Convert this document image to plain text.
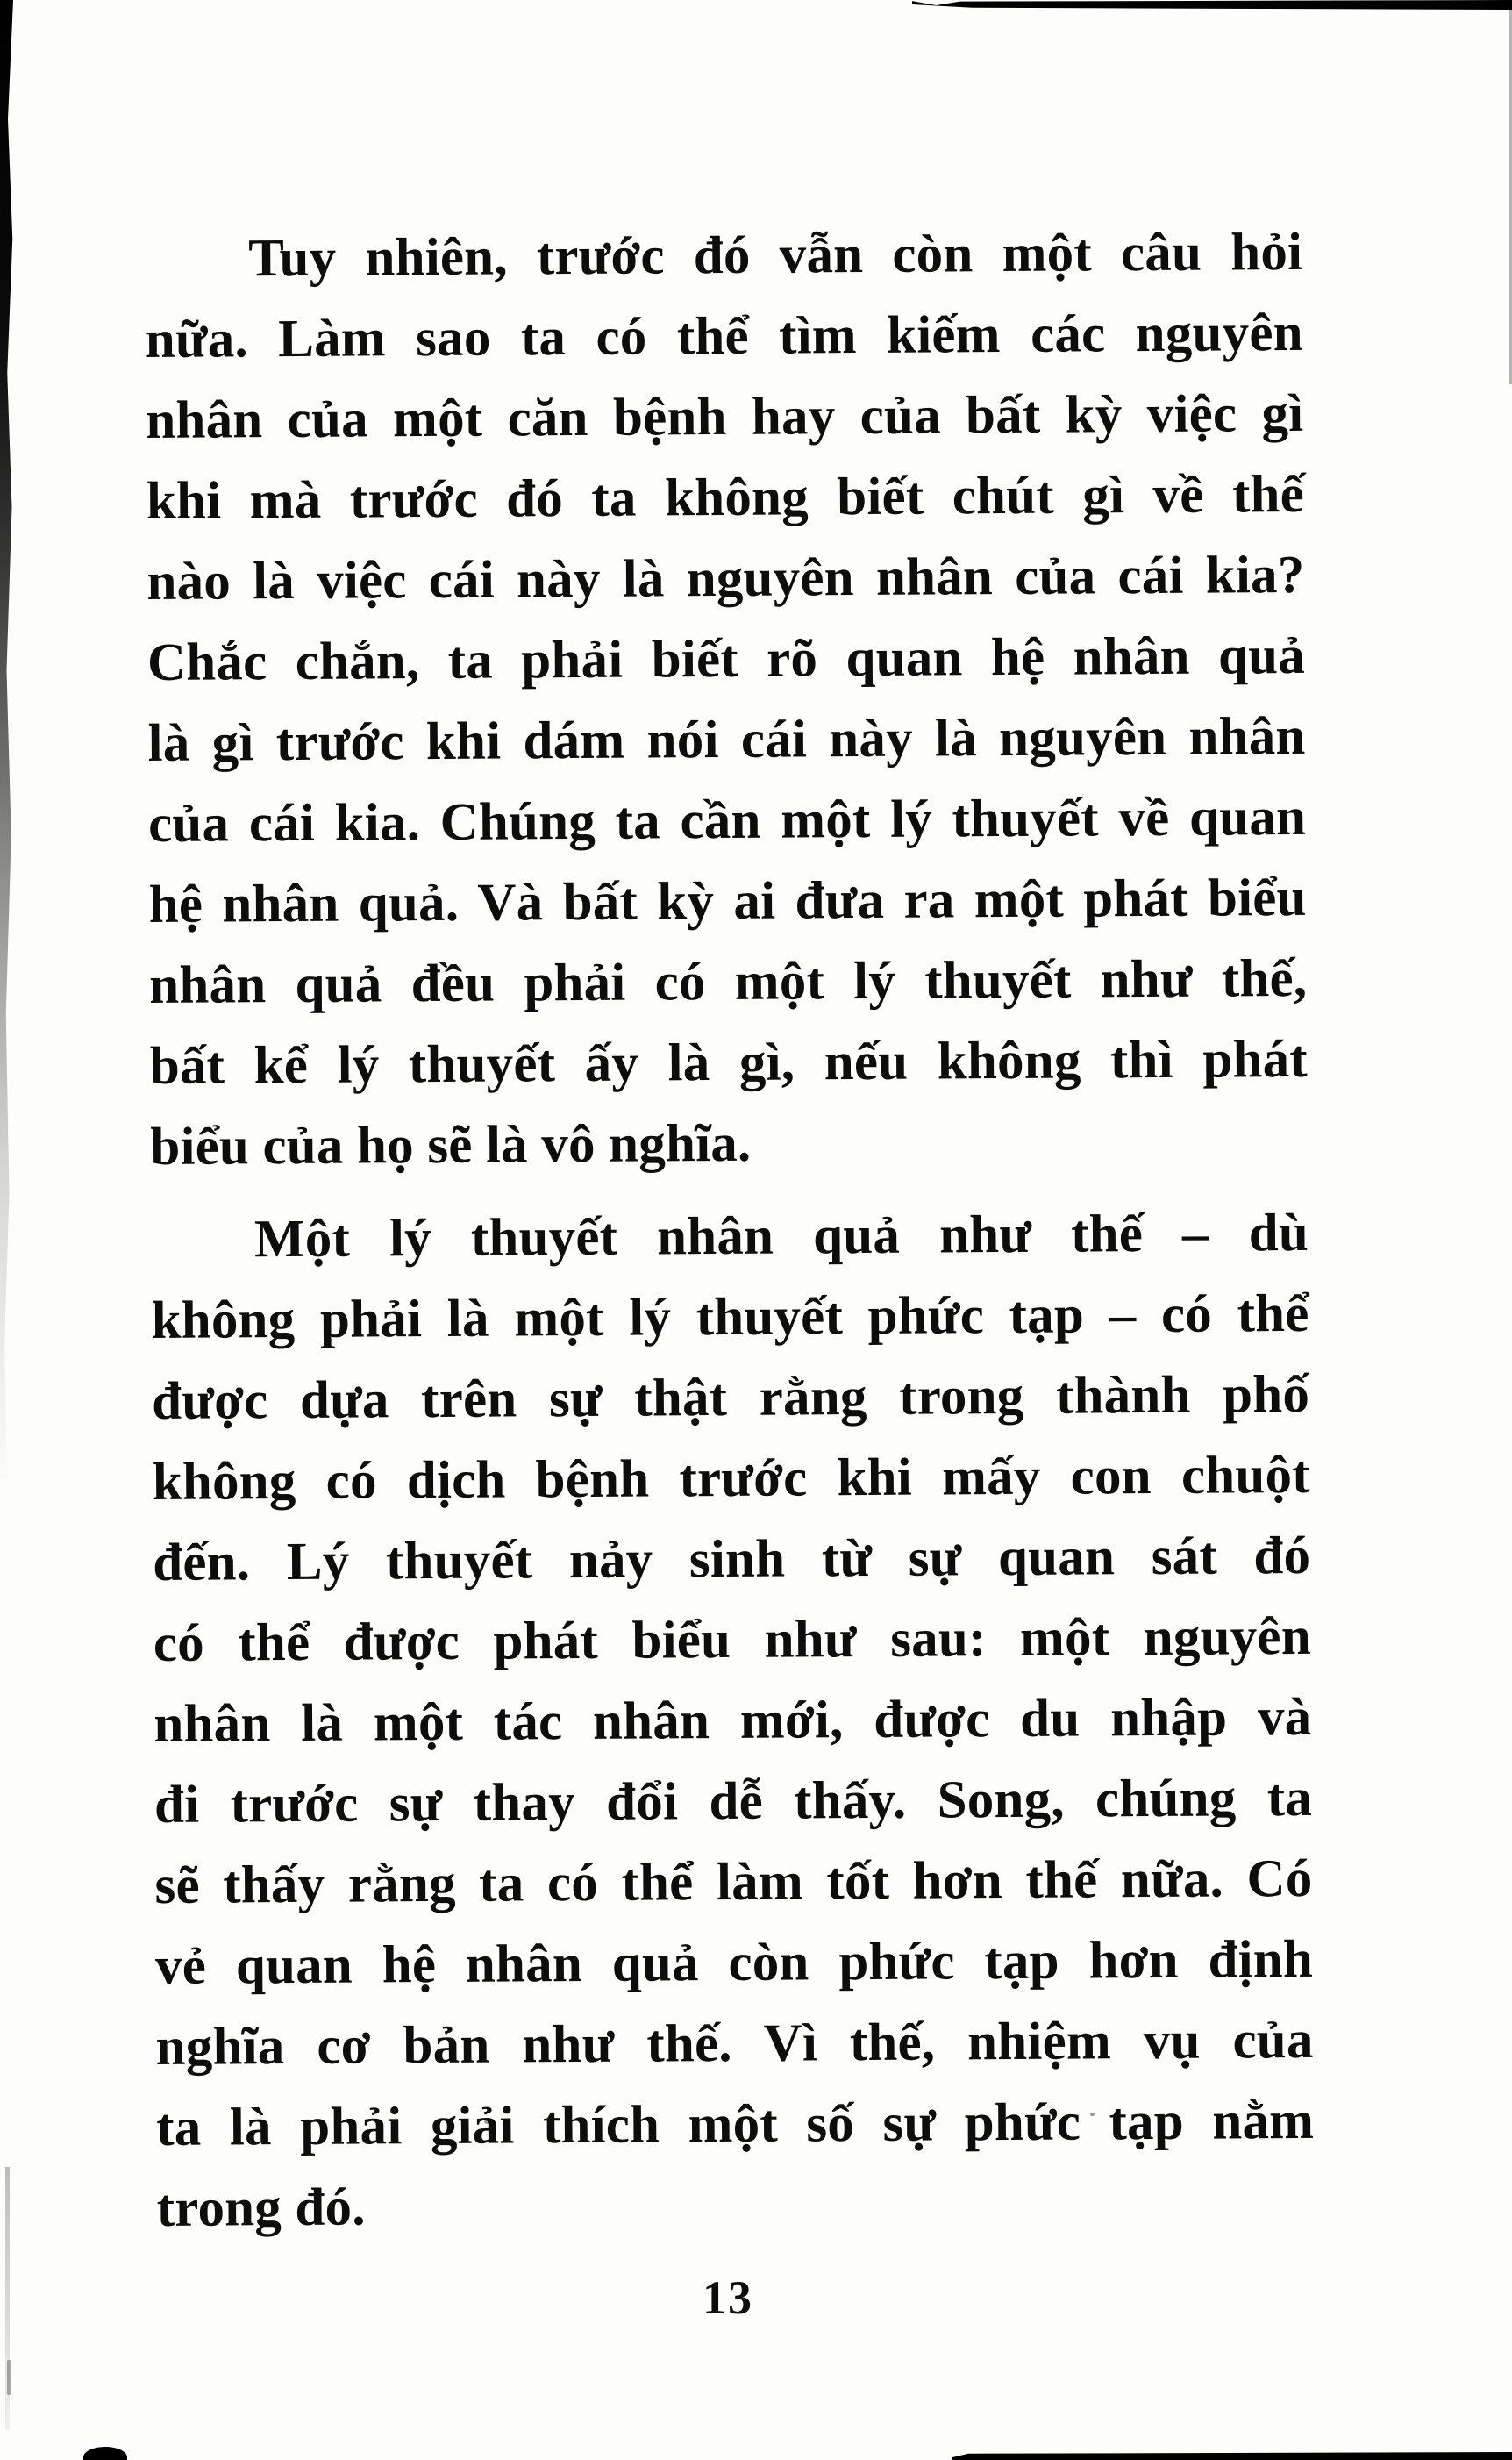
Tuy nhiên, trước đó vẫn còn một câu hỏi
nữa. Làm sao ta có thể tìm kiếm các nguyên
nhân của một căn bệnh hay của bất kỳ việc gì
khi mà trước đó ta không biết chút gì về thế
nào là việc cái này là nguyên nhân của cái kia?
Chắc chắn, ta phải biết rõ quan hệ nhân quả
là gì trước khi dám nói cái này là nguyên nhân
của cái kia. Chúng ta cần một lý thuyết về quan
hệ nhân quả. Và bất kỳ ai đưa ra một phát biểu
nhân quả đều phải có một lý thuyết như thế,
bất kể lý thuyết ấy là gì, nếu không thì phát
biểu của họ sẽ là vô nghĩa.
Một lý thuyết nhân quả như thế – dù
không phải là một lý thuyết phức tạp – có thể
được dựa trên sự thật rằng trong thành phố
không có dịch bệnh trước khi mấy con chuột
đến. Lý thuyết nảy sinh từ sự quan sát đó
có thể được phát biểu như sau: một nguyên
nhân là một tác nhân mới, được du nhập và
đi trước sự thay đổi dễ thấy. Song, chúng ta
sẽ thấy rằng ta có thể làm tốt hơn thế nữa. Có
vẻ quan hệ nhân quả còn phức tạp hơn định
nghĩa cơ bản như thế. Vì thế, nhiệm vụ của
ta là phải giải thích một số sự phức tạp nằm
trong đó.
13
